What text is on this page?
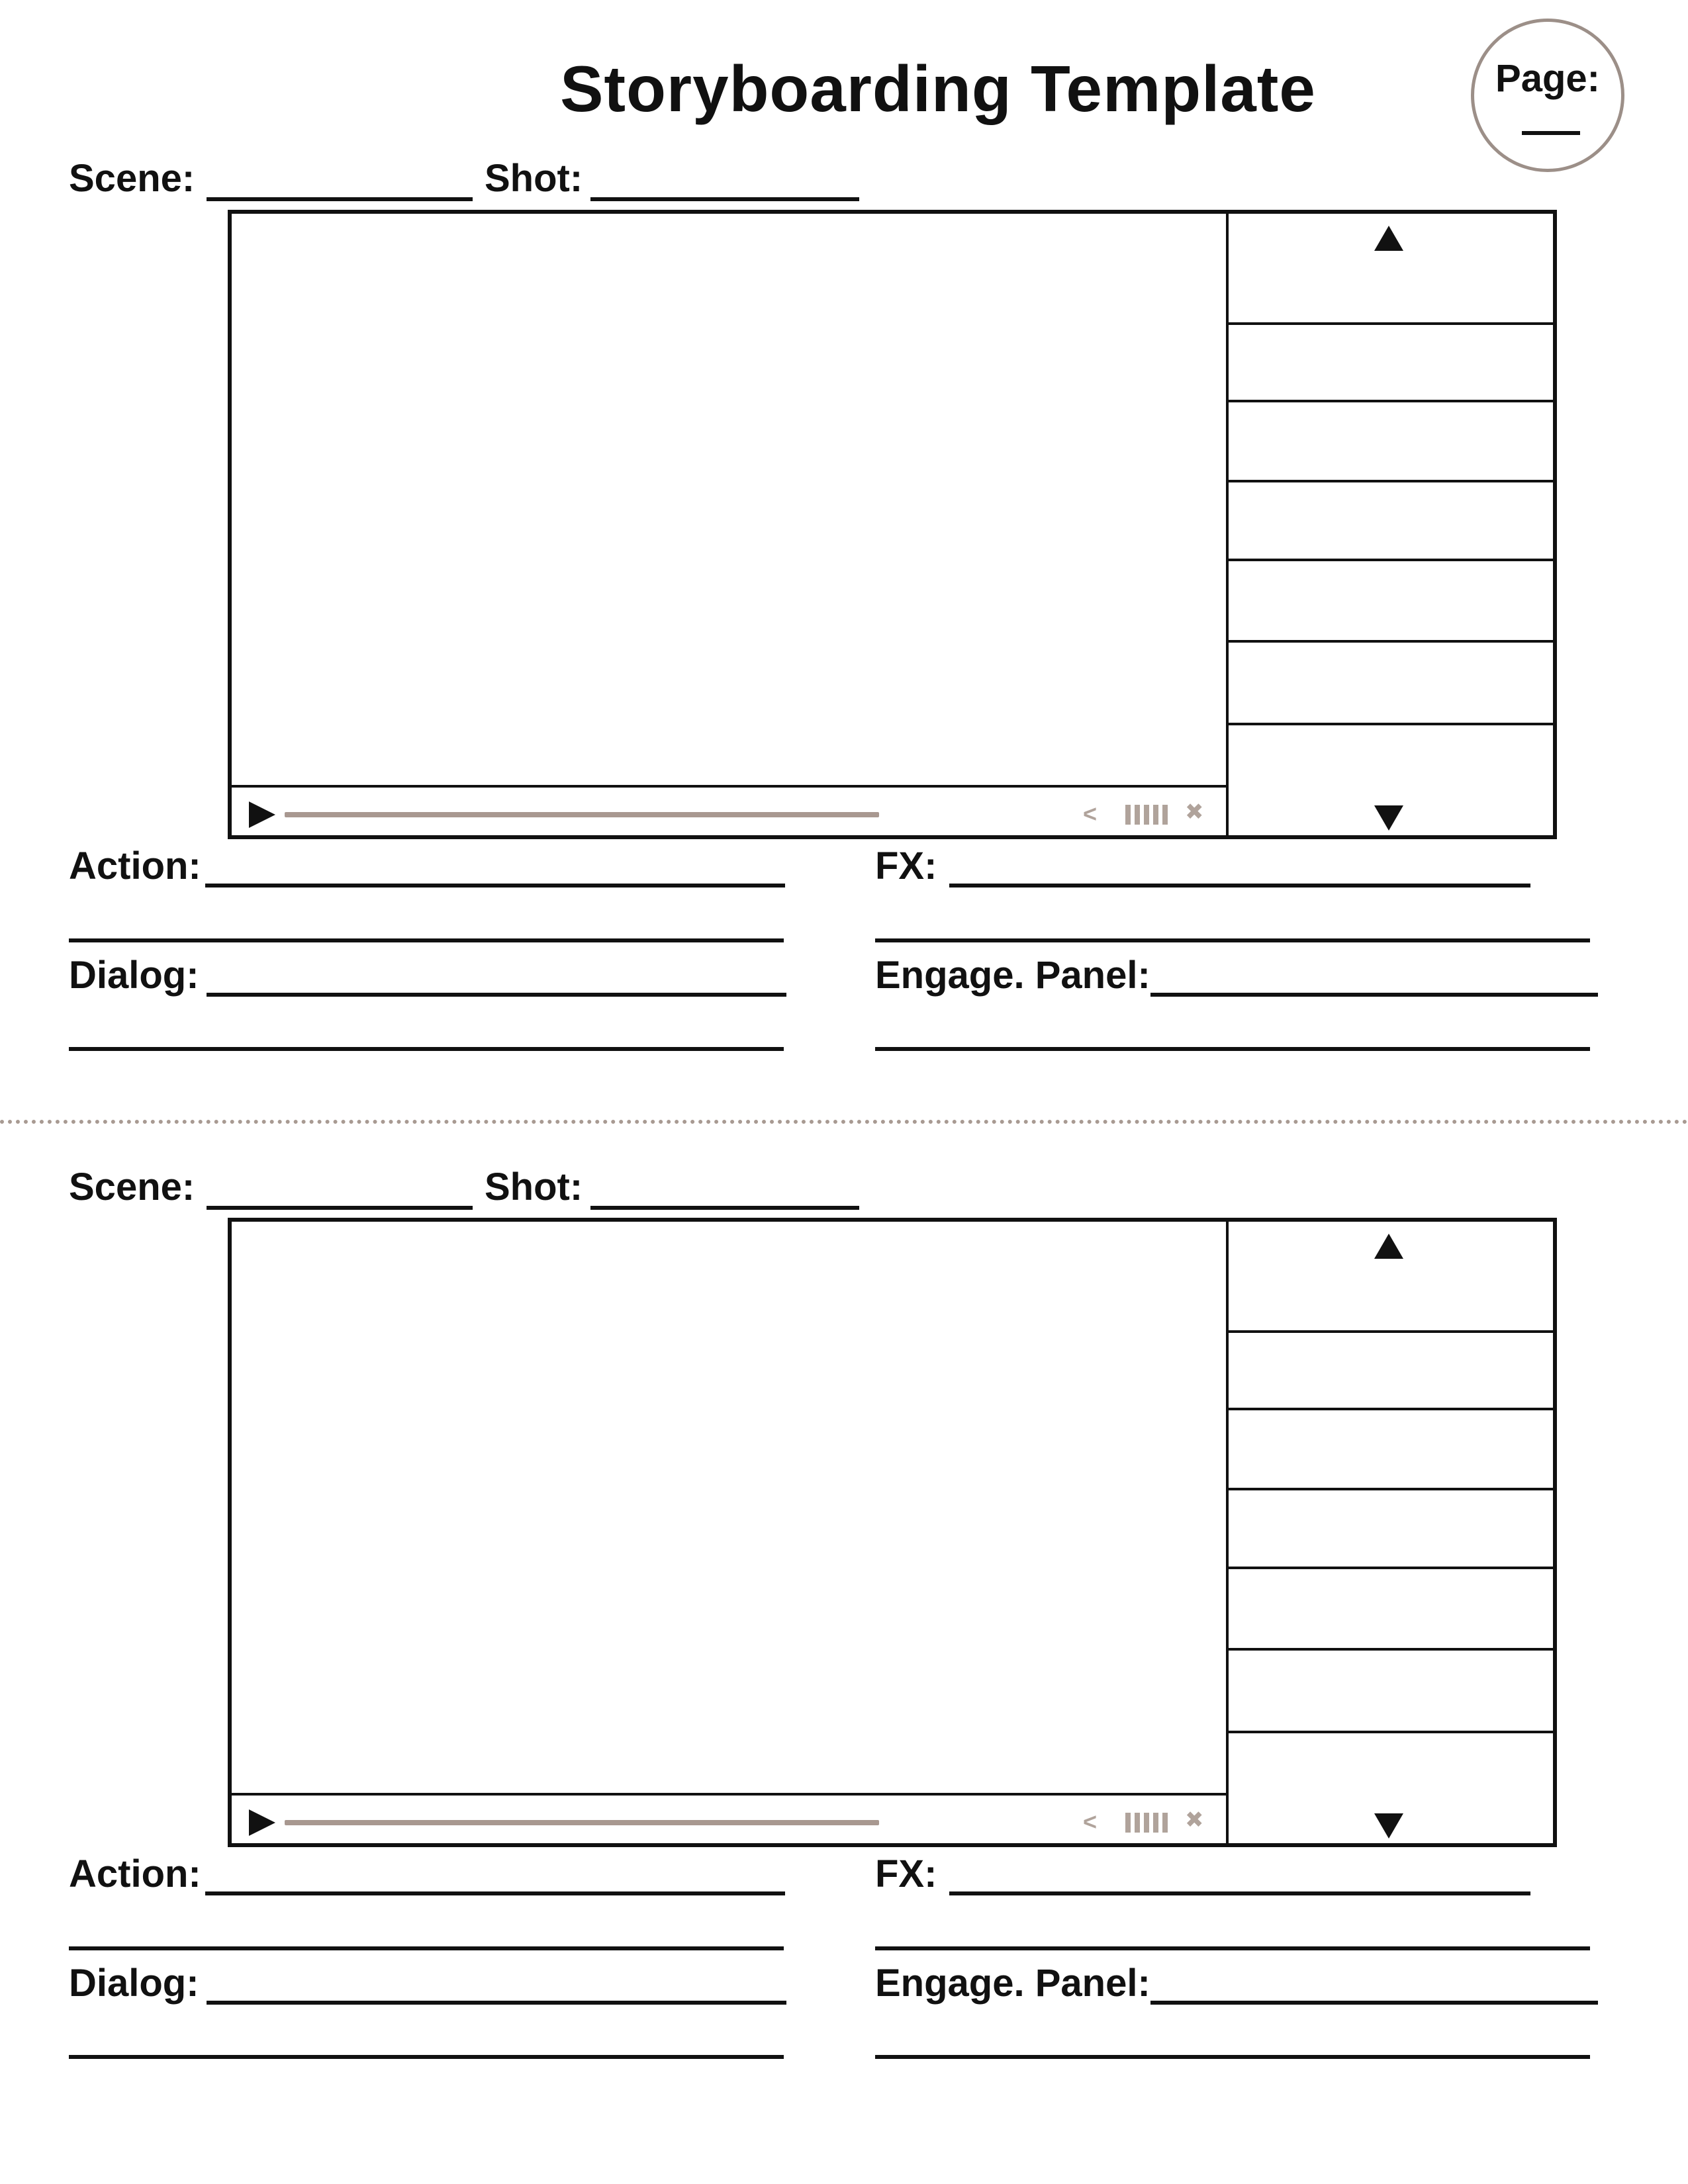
Storyboarding Template	Page:
Scene:	Shot:
<	✖
Action:
Dialog:
FX:
Engage. Panel:
Scene:	Shot:
<	✖
Action:
Dialog:
FX:
Engage. Panel:
